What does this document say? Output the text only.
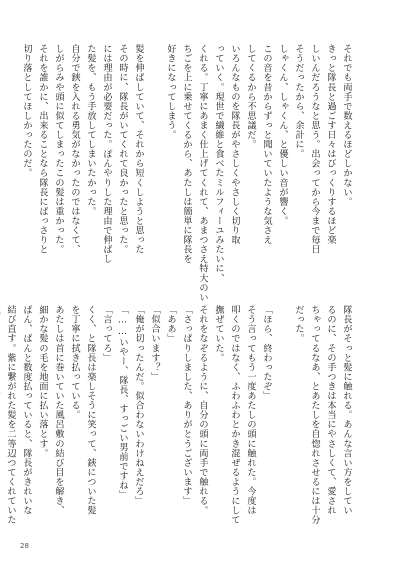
それでも両手で数えるほどしかない。

きっと隊長と過ごす日々はびっくりするほど楽

しいんだろうなと思う。出会ってから今まで毎日

そうだったから、余計に。

しゃくん、しゃくん、と優しい音が響く。

この音を昔からずっと聞いていたような気さえ

してくるから不思議だ。

いろんなものを隊長がやさしくやさしく切り取

っていく。現世で繊維と食べたミルフィーユみたいに、

くれる。丁寧にあまく仕上げてくれて、あまつさえ特大のい

ちごを上に乗せてくるから、あたしは簡単に隊長を

好きになってしまう。

髪を伸ばしていて、それから短くしようと思った

その時に、隊長がいてくれて良かったと思った。

には理由が必要だった。ぽんやりした理由で伸ばし

た髪を、もう手放してしまいたかった。

自分で鋏を入れる勇気がなかったのではなくて、

しがらみや頭に似てしまったこの髪は重かった。

それを誰かに、出来ることなら隊長にばっさりと

切り落としてほしかったのだ。

隊長がそっと髪に触れる。あんな言い方をしてい

るのに、その手つきは本当にやさしくて、愛され

ちゃってるなあ、とあたしを自惚れさせるには十分

だった。

「ほら、終わったぞ」

そう言ってもう一度あたしの頭に触れた。今度は

叩くのではなく、ふわふわとかき混ぜるようにして

撫ぜていた。

それをなぞるように、自分の頭に両手で触れる。

「さっぱりしました、ありがとうございます」

「ああ」

「似合います？」

「俺が切ったんだ。似合わないわけねえだろ」

「……いやー、隊長、すっごい男前ですね」

「言ってろ」

くく、と隊長は楽しそうに笑って、鋏についた髪

を丁寧に拭き払っている。

あたしは首に巻いていた風呂敷の結び目を解き、

細かな髪の毛を地面に払い落とす。

ぱん、ぱんと数度払っていると、隊長がきれいな

結び直す。紫に繋がれた髪を二等辺つてくれていた

28
